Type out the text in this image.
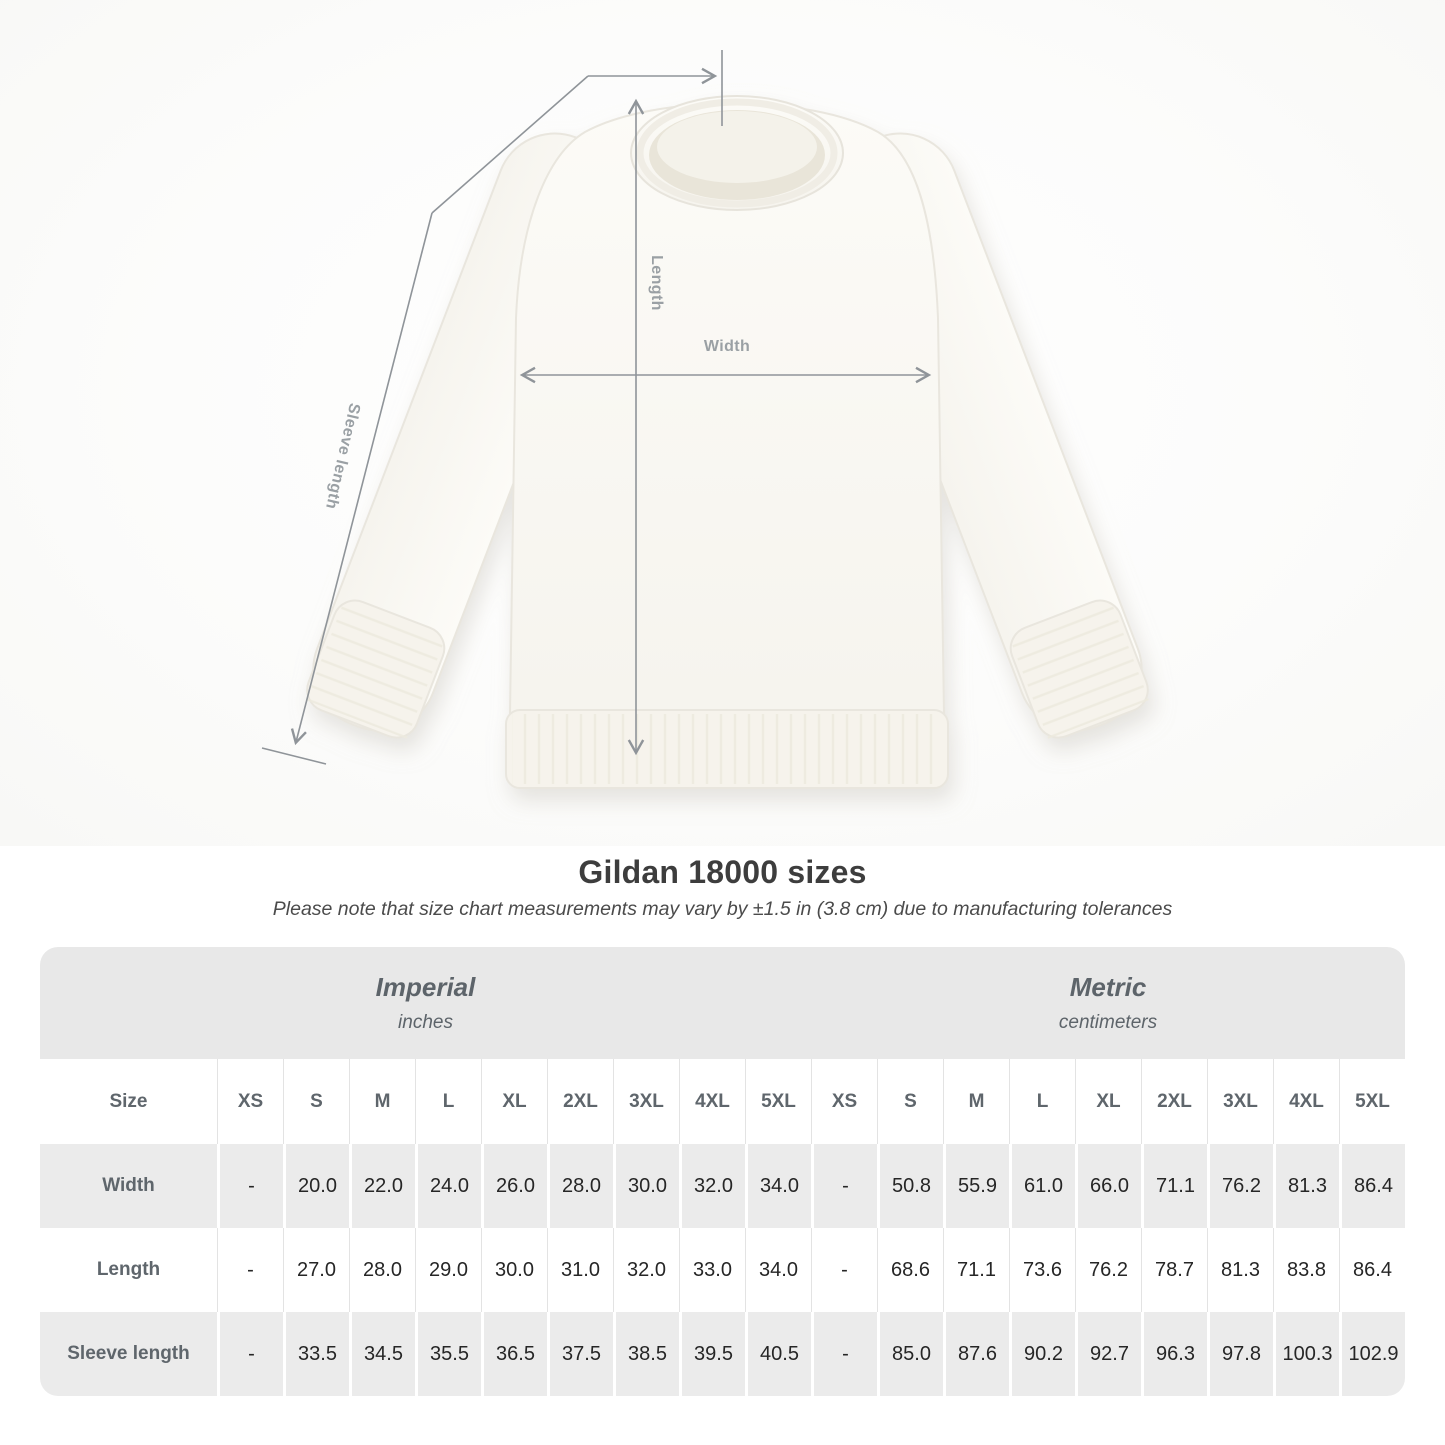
Length
Width
Sleeve length
Gildan 18000 sizes
Please note that size chart measurements may vary by ±1.5 in (3.8 cm) due to manufacturing tolerances
Imperial
inches
Metric
centimeters
Size	XS	S	M	L	XL	2XL	3XL	4XL	5XL	XS	S	M	L	XL	2XL	3XL	4XL	5XL
Width	-	20.0	22.0	24.0	26.0	28.0	30.0	32.0	34.0	-	50.8	55.9	61.0	66.0	71.1	76.2	81.3	86.4
Length	-	27.0	28.0	29.0	30.0	31.0	32.0	33.0	34.0	-	68.6	71.1	73.6	76.2	78.7	81.3	83.8	86.4
Sleeve length	-	33.5	34.5	35.5	36.5	37.5	38.5	39.5	40.5	-	85.0	87.6	90.2	92.7	96.3	97.8	100.3 102.9
